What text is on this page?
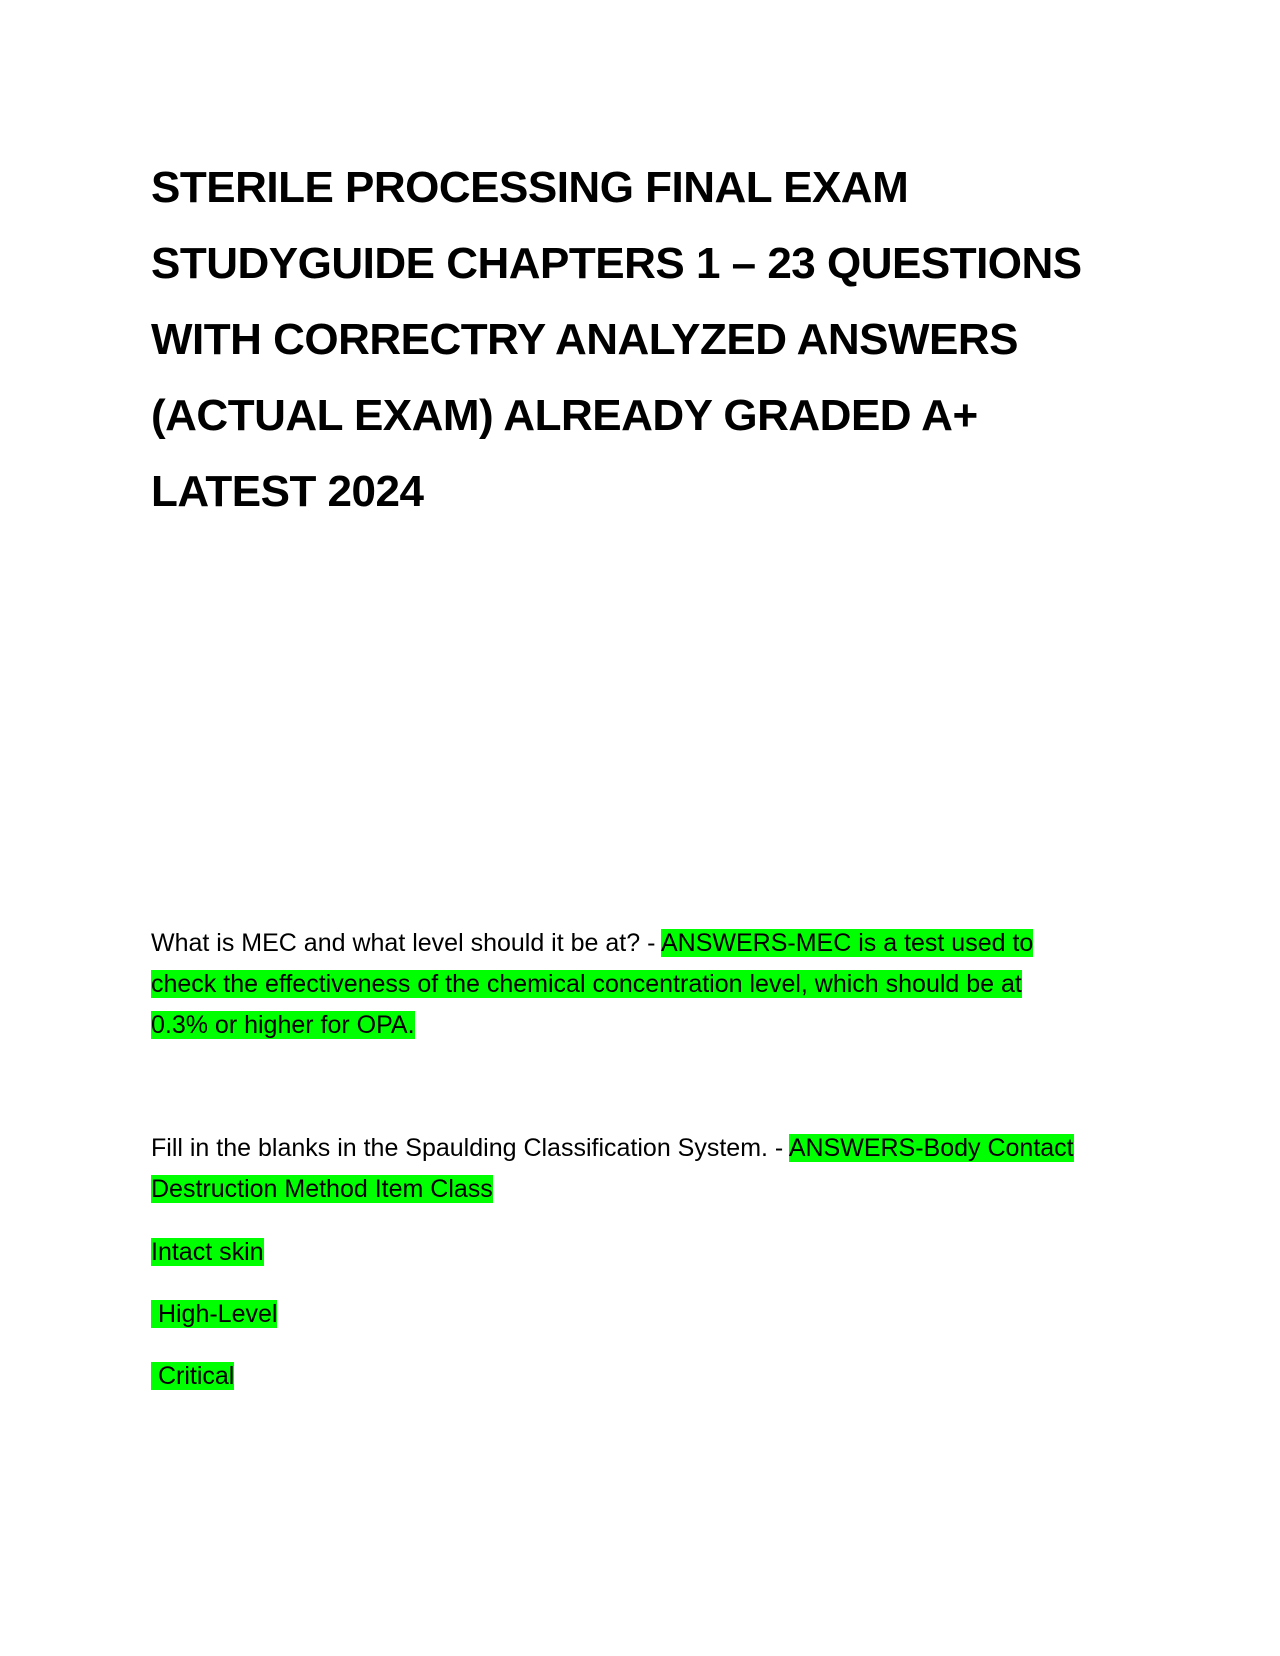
STERILE PROCESSING FINAL EXAM
STUDYGUIDE CHAPTERS 1 – 23 QUESTIONS
WITH CORRECTRY ANALYZED ANSWERS
(ACTUAL EXAM) ALREADY GRADED A+
LATEST 2024
What is MEC and what level should it be at? - ANSWERS-MEC is a test used to
check the effectiveness of the chemical concentration level, which should be at
0.3% or higher for OPA.
Fill in the blanks in the Spaulding Classification System. - ANSWERS-Body Contact
Destruction Method Item Class
Intact skin
High-Level
Critical
